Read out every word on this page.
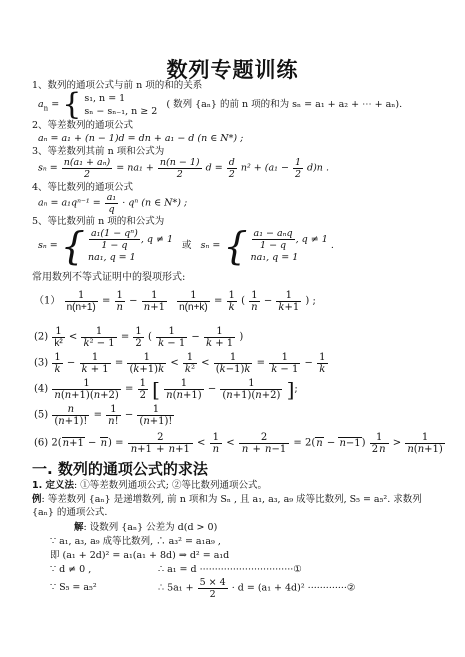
数列专题训练
1、数列的通项公式与前 n 项的和的关系
$a_n$ = { s₁, n = 1
sₙ − sₙ₋₁, n ≥ 2
( 数列 {aₙ} 的前 n 项的和为 sₙ = a₁ + a₂ + ⋯ + aₙ).
2、等差数列的通项公式
aₙ = a₁ + (n − 1)d = dn + a₁ − d (n ∈ N*) ;
3、等差数列其前 n 项和公式为
$s_n = \frac{\text{n(a₁ + aₙ)}}{2} = na_1 + \frac{n(n - 1)}{2}$ $d = \frac{d}{2} n^2 + (a_1 - \frac{1}{2} d)n$ .
4、等比数列的通项公式
$a_n = a_1q^{n-1} = \frac{\text{a₁}}{q} \cdot q^n$ (n ∈ N*) ;
5、等比数列前 n 项的和公式为
sₙ = { $\frac{\text{a₁(1 − qⁿ)}}{1 - q}$ , q ≠ 1
na₁, q = 1
或 sₙ = { $\frac{\text{a₁ − aₙq}}{1 - q}$ , q ≠ 1
na₁, q = 1
.
常用数列不等式证明中的裂项形式:
$(1) \frac{1}{n(n+1)} = \frac{1}{n} - \frac{1}{n+1}$
$\frac{1}{n(n+k)} = \frac{1}{k}$ ( $\frac{1}{n} - \frac{1}{k+1}$ ) ;
$(2) \frac{1}{\text{k²}} < \frac{1}{\text{k² − 1}} = \frac{1}{2}$ ( $\frac{1}{k - 1} - \frac{1}{k + 1}$ )
$(3) \frac{1}{k} - \frac{1}{k + 1} = \frac{1}{(k+1)k} < \frac{1}{\text{k²}} < \frac{1}{(k-1)k} = \frac{1}{k - 1} - \frac{1}{k}$
$(4) \frac{1}{n(n+1)(n+2)} = \frac{1}{2}$ [ $\frac{1}{n(n+1)} - \frac{1}{(n+1)(n+2)}$ ];
$(5) \frac{n}{(n+1)!} = \frac{1}{n!} - \frac{1}{(n+1)!}$
(6) $2(n+1 - n) = \frac{2}{n+1 + n+1} < \frac{1}{n} < \frac{2}{n + n-1} = 2(n - n-1) \frac{1}{2n} > \frac{1}{n(n+1)}$
一. 数列的通项公式的求法
1. 定义法: ①等差数列通项公式; ②等比数列通项公式。
例: 等差数列 {aₙ} 是递增数列, 前 n 项和为 Sₙ , 且 a₁, a₃, a₉ 成等比数列, S₅ = a₅². 求数列
{aₙ} 的通项公式.
解: 设数列 {aₙ} 公差为 d(d > 0)
∵ a₁, a₃, a₉ 成等比数列, ∴ a₃² = a₁a₉ ,
即 (a₁ + 2d)² = a₁(a₁ + 8d) ⇒ d² = a₁d
∵ d ≠ 0 ,	∴ a₁ = d ·······························①
∵ S₅ = a₅²	∴ $5a_1 + \frac{5 \times 4}{2} \cdot d = (a_1 + 4d)^2$ ·············②
